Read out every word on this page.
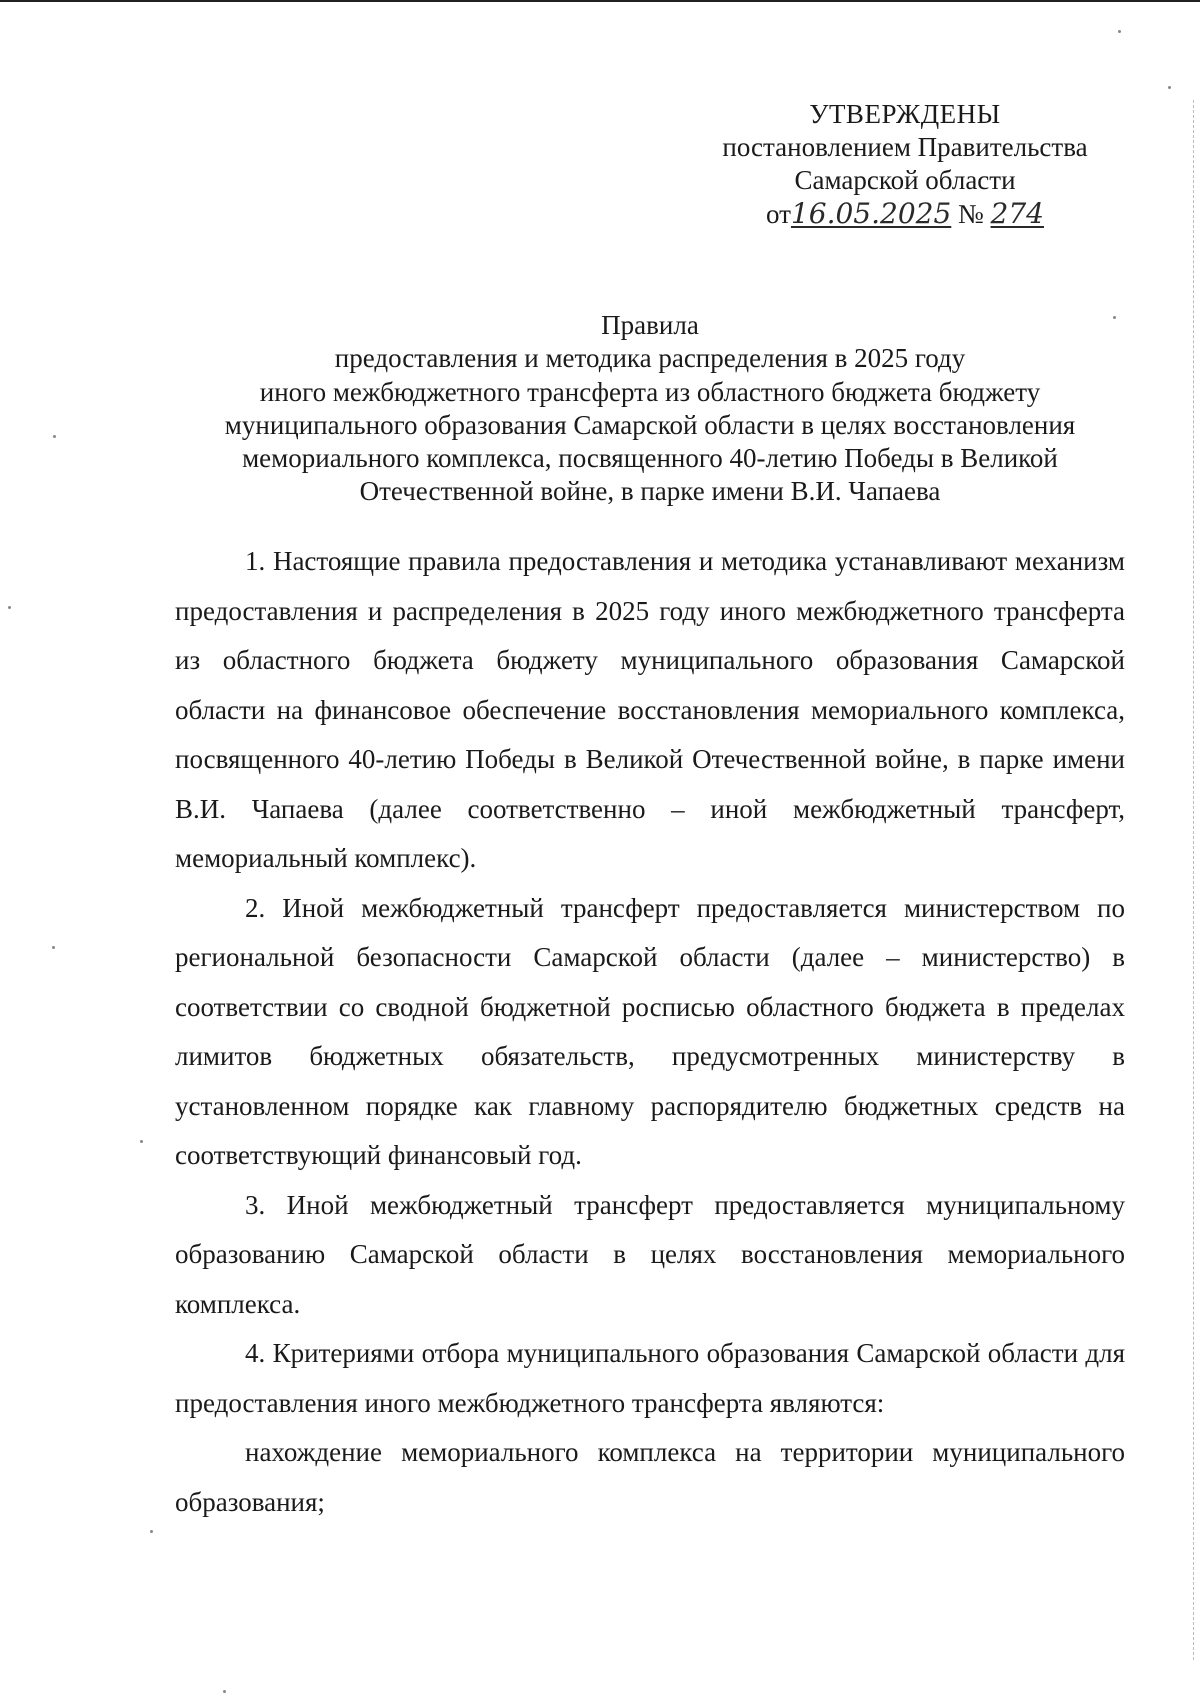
УТВЕРЖДЕНЫ
постановлением Правительства
Самарской области
от16.05.2025 № 274
Правила
предоставления и методика распределения в 2025 году
иного межбюджетного трансферта из областного бюджета бюджету
муниципального образования Самарской области в целях восстановления
мемориального комплекса, посвященного 40-летию Победы в Великой
Отечественной войне, в парке имени В.И. Чапаева

1. Настоящие правила предоставления и методика устанавливают механизм предоставления и распределения в 2025 году иного межбюджетного трансферта из областного бюджета бюджету муниципального образования Самарской области на финансовое обеспечение восстановления мемориального комплекса, посвященного 40-летию Победы в Великой Отечественной войне, в парке имени В.И. Чапаева (далее соответственно – иной межбюджетный трансферт, мемориальный комплекс).

2. Иной межбюджетный трансферт предоставляется министерством по региональной безопасности Самарской области (далее – министерство) в соответствии со сводной бюджетной росписью областного бюджета в пределах лимитов бюджетных обязательств, предусмотренных министерству в установленном порядке как главному распорядителю бюджетных средств на соответствующий финансовый год.

3. Иной межбюджетный трансферт предоставляется муниципальному образованию Самарской области в целях восстановления мемориального комплекса.

4. Критериями отбора муниципального образования Самарской области для предоставления иного межбюджетного трансферта являются:

нахождение мемориального комплекса на территории муниципального образования;
